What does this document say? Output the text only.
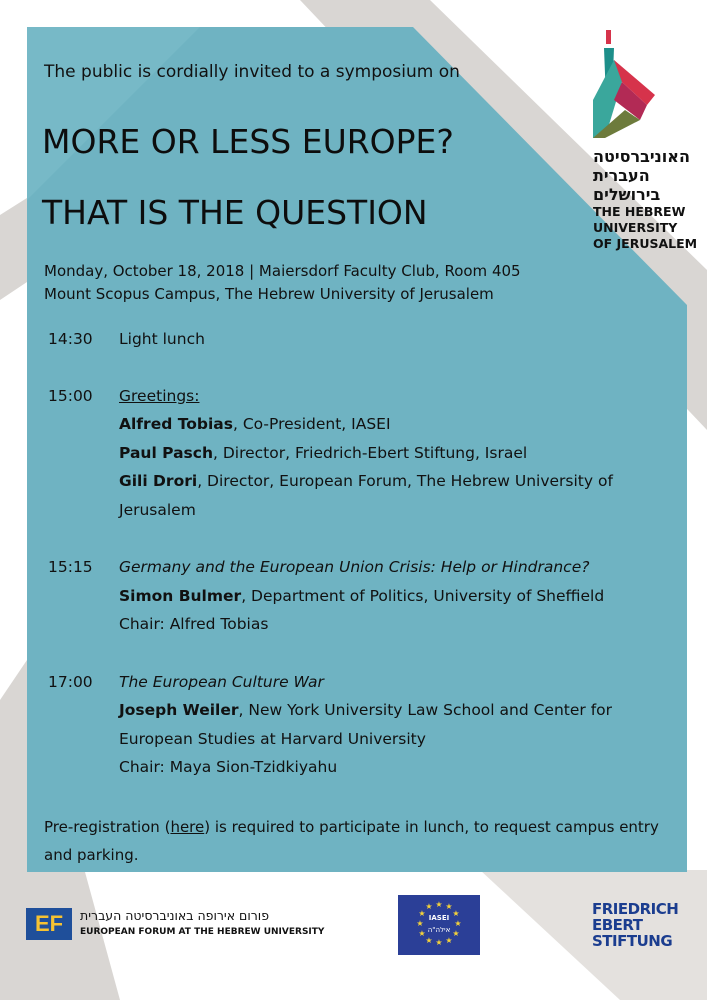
The public is cordially invited to a symposium on
MORE OR LESS EUROPE?
THAT IS THE QUESTION
Monday, October 18, 2018 | Maiersdorf Faculty Club, Room 405
Mount Scopus Campus, The Hebrew University of Jerusalem
14:30 Light lunch
15:00 Greetings:
Alfred Tobias, Co-President, IASEI
Paul Pasch, Director, Friedrich-Ebert Stiftung, Israel
Gili Drori, Director, European Forum, The Hebrew University of
Jerusalem
15:15 Germany and the European Union Crisis: Help or Hindrance?
Simon Bulmer, Department of Politics, University of Sheffield
Chair: Alfred Tobias
17:00 The European Culture War
Joseph Weiler, New York University Law School and Center for
European Studies at Harvard University
Chair: Maya Sion-Tzidkiyahu
Pre-registration (here) is required to participate in lunch, to request campus entry and parking.
האוניברסיטה
העברית
בירושלים
THE HEBREW
UNIVERSITY
OF JERUSALEM
EF	פורום אירופה באוניברסיטה העברית
EUROPEAN FORUM AT THE HEBREW UNIVERSITY
★ ★
★
★
★
★
★
★
★
★
★
★
IASEI
אילה"ה
FRIEDRICH
EBERT
STIFTUNG
